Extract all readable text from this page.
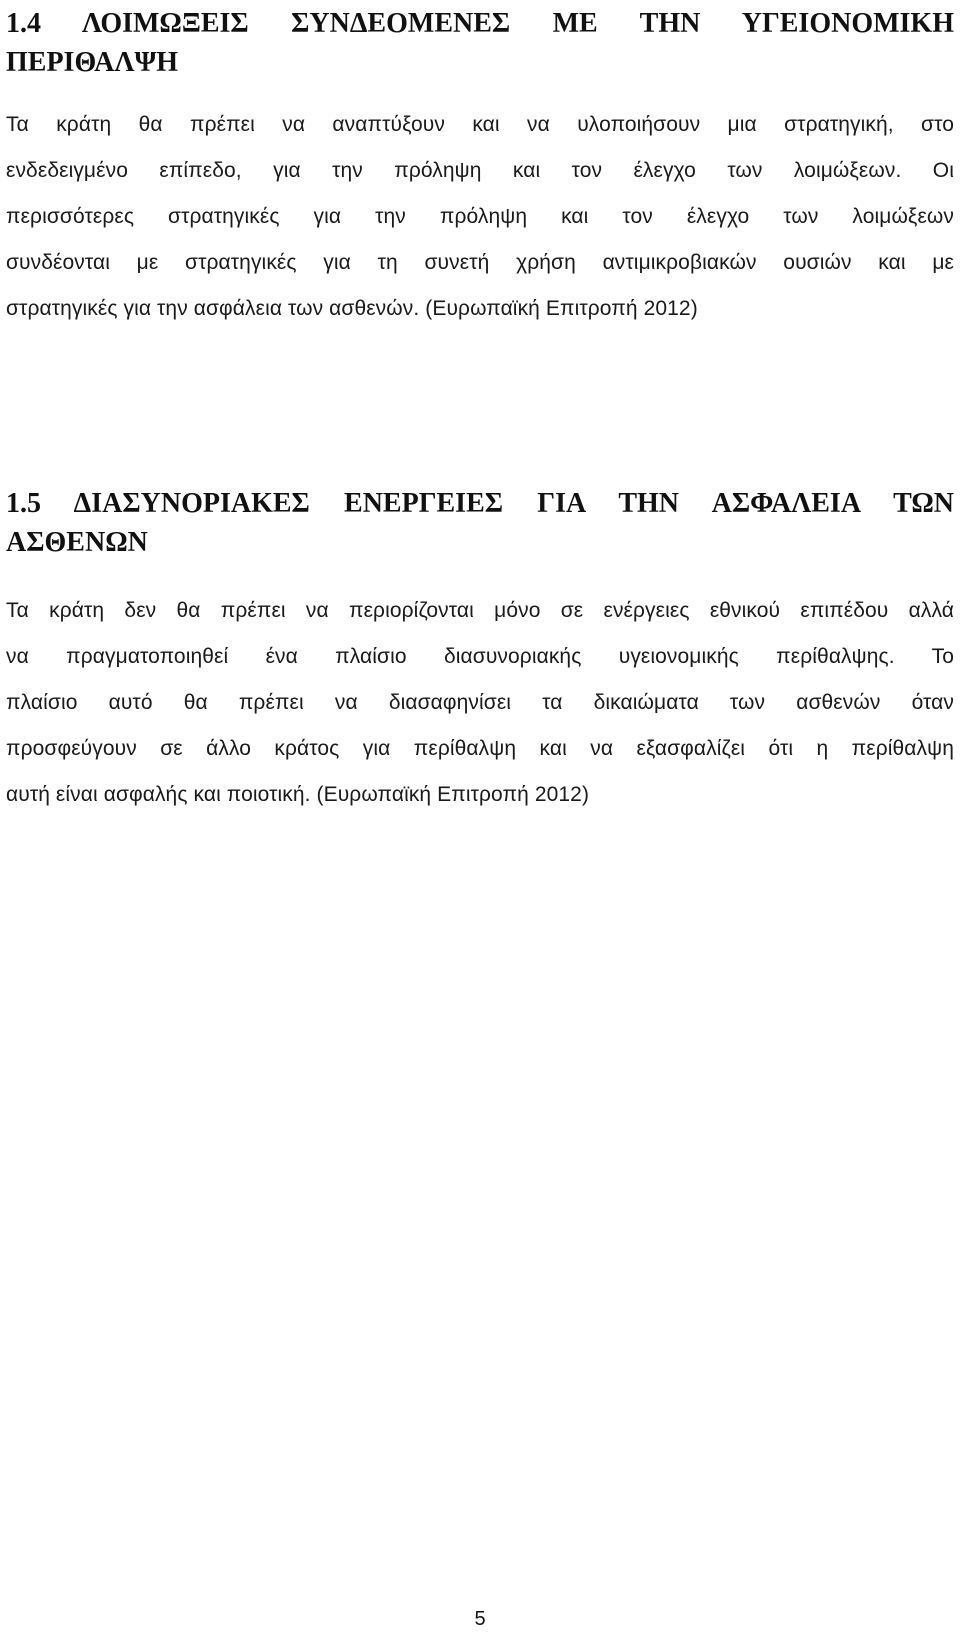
1.4 ΛΟΙΜΩΞΕΙΣ ΣΥΝΔΕΟΜΕΝΕΣ ΜΕ ΤΗΝ ΥΓΕΙΟΝΟΜΙΚΗ
ΠΕΡΙΘΑΛΨΗ

Τα κράτη θα πρέπει να αναπτύξουν και να υλοποιήσουν μια στρατηγική, στο
ενδεδειγμένο επίπεδο, για την πρόληψη και τον έλεγχο των λοιμώξεων. Οι
περισσότερες στρατηγικές για την πρόληψη και τον έλεγχο των λοιμώξεων
συνδέονται με στρατηγικές για τη συνετή χρήση αντιμικροβιακών ουσιών και με
στρατηγικές για την ασφάλεια των ασθενών. (Ευρωπαϊκή Επιτροπή 2012)

1.5 ΔΙΑΣΥΝΟΡΙΑΚΕΣ ΕΝΕΡΓΕΙΕΣ ΓΙΑ ΤΗΝ ΑΣΦΑΛΕΙΑ ΤΩΝ
ΑΣΘΕΝΩΝ

Τα κράτη δεν θα πρέπει να περιορίζονται μόνο σε ενέργειες εθνικού επιπέδου αλλά
να πραγματοποιηθεί ένα πλαίσιο διασυνοριακής υγειονομικής περίθαλψης. Το
πλαίσιο αυτό θα πρέπει να διασαφηνίσει τα δικαιώματα των ασθενών όταν
προσφεύγουν σε άλλο κράτος για περίθαλψη και να εξασφαλίζει ότι η περίθαλψη
αυτή είναι ασφαλής και ποιοτική. (Ευρωπαϊκή Επιτροπή 2012)

5
